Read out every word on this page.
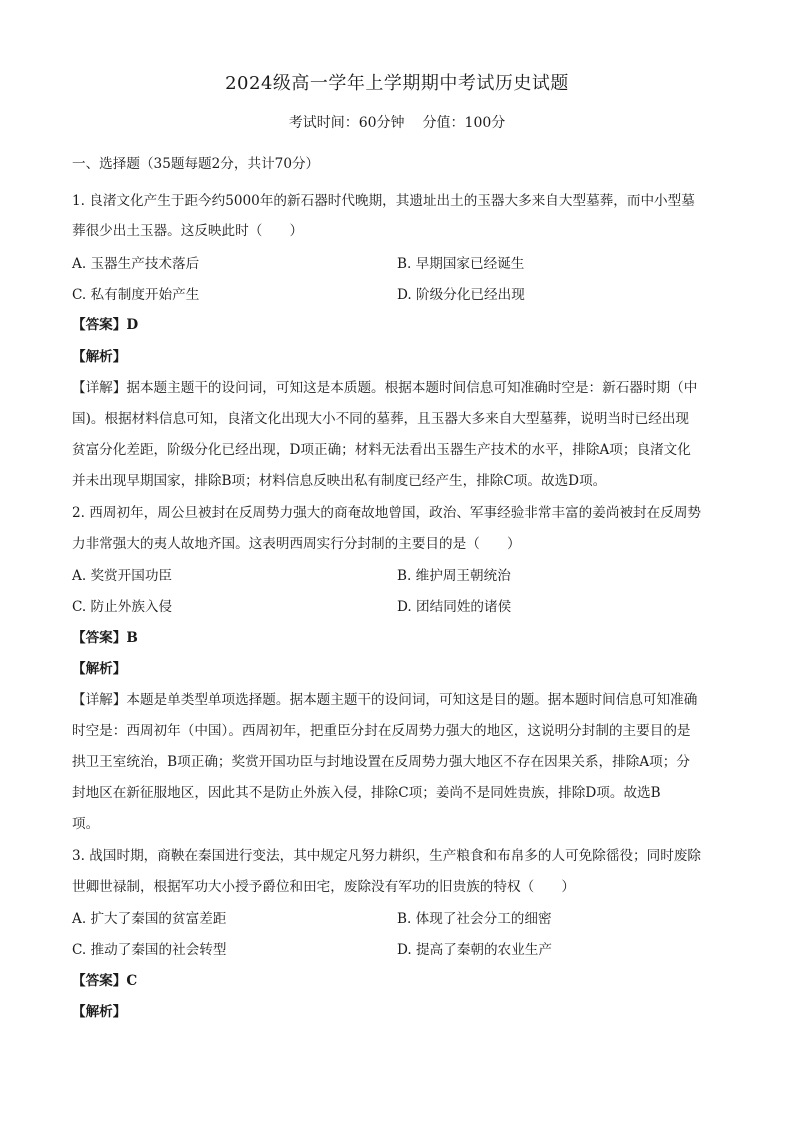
2024级高一学年上学期期中考试历史试题
考试时间：60分钟 分值：100分
一、选择题（35题每题2分，共计70分）
1. 良渚文化产生于距今约5000年的新石器时代晚期，其遗址出土的玉器大多来自大型墓葬，而中小型墓
葬很少出土玉器。这反映此时（　　）
A. 玉器生产技术落后	B. 早期国家已经诞生
C. 私有制度开始产生	D. 阶级分化已经出现
【答案】D
【解析】
【详解】据本题主题干的设问词，可知这是本质题。根据本题时间信息可知准确时空是：新石器时期（中
国)。根据材料信息可知，良渚文化出现大小不同的墓葬，且玉器大多来自大型墓葬，说明当时已经出现
贫富分化差距，阶级分化已经出现，D项正确；材料无法看出玉器生产技术的水平，排除A项；良渚文化
并未出现早期国家，排除B项；材料信息反映出私有制度已经产生，排除C项。故选D项。
2. 西周初年，周公旦被封在反周势力强大的商奄故地曾国，政治、军事经验非常丰富的姜尚被封在反周势
力非常强大的夷人故地齐国。这表明西周实行分封制的主要目的是（　　）
A. 奖赏开国功臣	B. 维护周王朝统治
C. 防止外族入侵	D. 团结同姓的诸侯
【答案】B
【解析】
【详解】本题是单类型单项选择题。据本题主题干的设问词，可知这是目的题。据本题时间信息可知准确
时空是：西周初年（中国）。西周初年，把重臣分封在反周势力强大的地区，这说明分封制的主要目的是
拱卫王室统治，B项正确；奖赏开国功臣与封地设置在反周势力强大地区不存在因果关系，排除A项；分
封地区在新征服地区，因此其不是防止外族入侵，排除C项；姜尚不是同姓贵族，排除D项。故选B
项。
3. 战国时期，商鞅在秦国进行变法，其中规定凡努力耕织，生产粮食和布帛多的人可免除徭役；同时废除
世卿世禄制，根据军功大小授予爵位和田宅，废除没有军功的旧贵族的特权（　　）
A. 扩大了秦国的贫富差距	B. 体现了社会分工的细密
C. 推动了秦国的社会转型	D. 提高了秦朝的农业生产
【答案】C
【解析】
